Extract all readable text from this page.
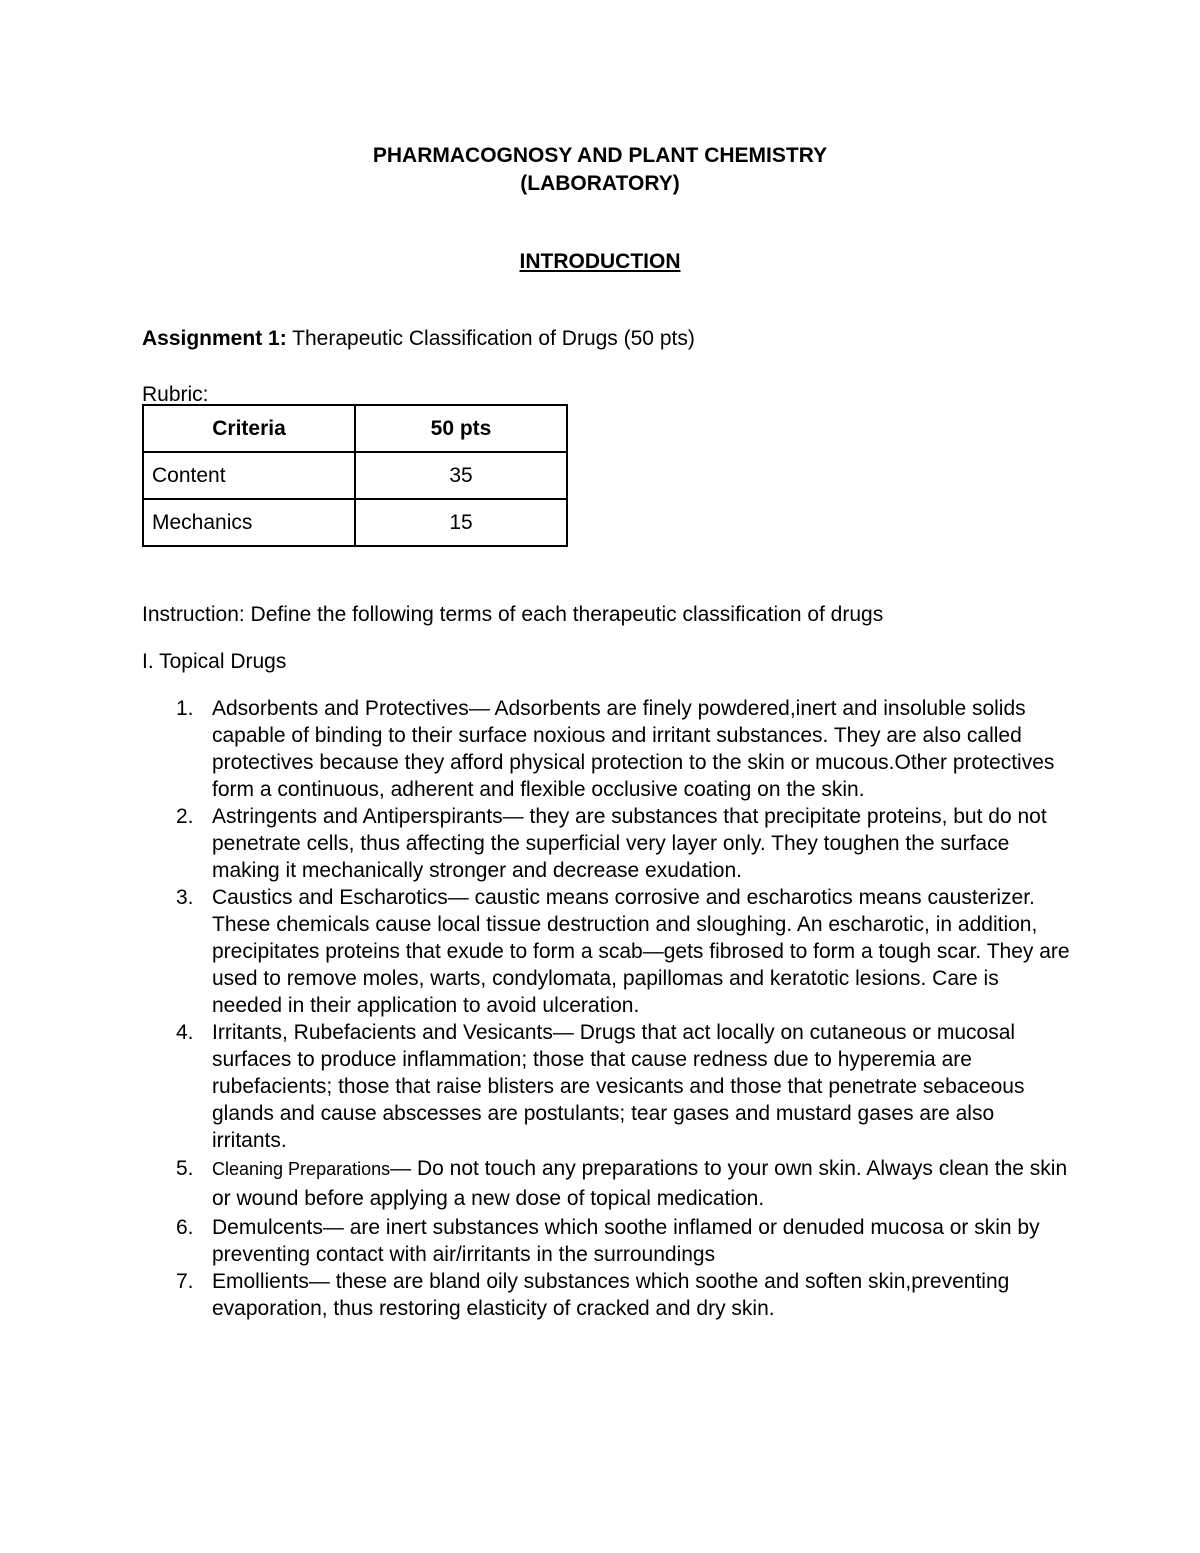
PHARMACOGNOSY AND PLANT CHEMISTRY
(LABORATORY)
INTRODUCTION
Assignment 1: Therapeutic Classification of Drugs (50 pts)
Rubric:
Criteria	50 pts
Content	35
Mechanics	15
Instruction: Define the following terms of each therapeutic classification of drugs
I. Topical Drugs
1. Adsorbents and Protectives— Adsorbents are finely powdered,inert and insoluble solids capable of binding to their surface noxious and irritant substances. They are also called protectives because they afford physical protection to the skin or mucous.Other protectives form a continuous, adherent and flexible occlusive coating on the skin.
2. Astringents and Antiperspirants— they are substances that precipitate proteins, but do not penetrate cells, thus affecting the superficial very layer only. They toughen the surface making it mechanically stronger and decrease exudation.
3. Caustics and Escharotics— caustic means corrosive and escharotics means causterizer. These chemicals cause local tissue destruction and sloughing. An escharotic, in addition, precipitates proteins that exude to form a scab—gets fibrosed to form a tough scar. They are used to remove moles, warts, condylomata, papillomas and keratotic lesions. Care is needed in their application to avoid ulceration.
4. Irritants, Rubefacients and Vesicants— Drugs that act locally on cutaneous or mucosal surfaces to produce inflammation; those that cause redness due to hyperemia are rubefacients; those that raise blisters are vesicants and those that penetrate sebaceous glands and cause abscesses are postulants; tear gases and mustard gases are also irritants.
5. Cleaning Preparations— Do not touch any preparations to your own skin. Always clean the skin or wound before applying a new dose of topical medication.
6. Demulcents— are inert substances which soothe inflamed or denuded mucosa or skin by preventing contact with air/irritants in the surroundings
7. Emollients— these are bland oily substances which soothe and soften skin,preventing evaporation, thus restoring elasticity of cracked and dry skin.
